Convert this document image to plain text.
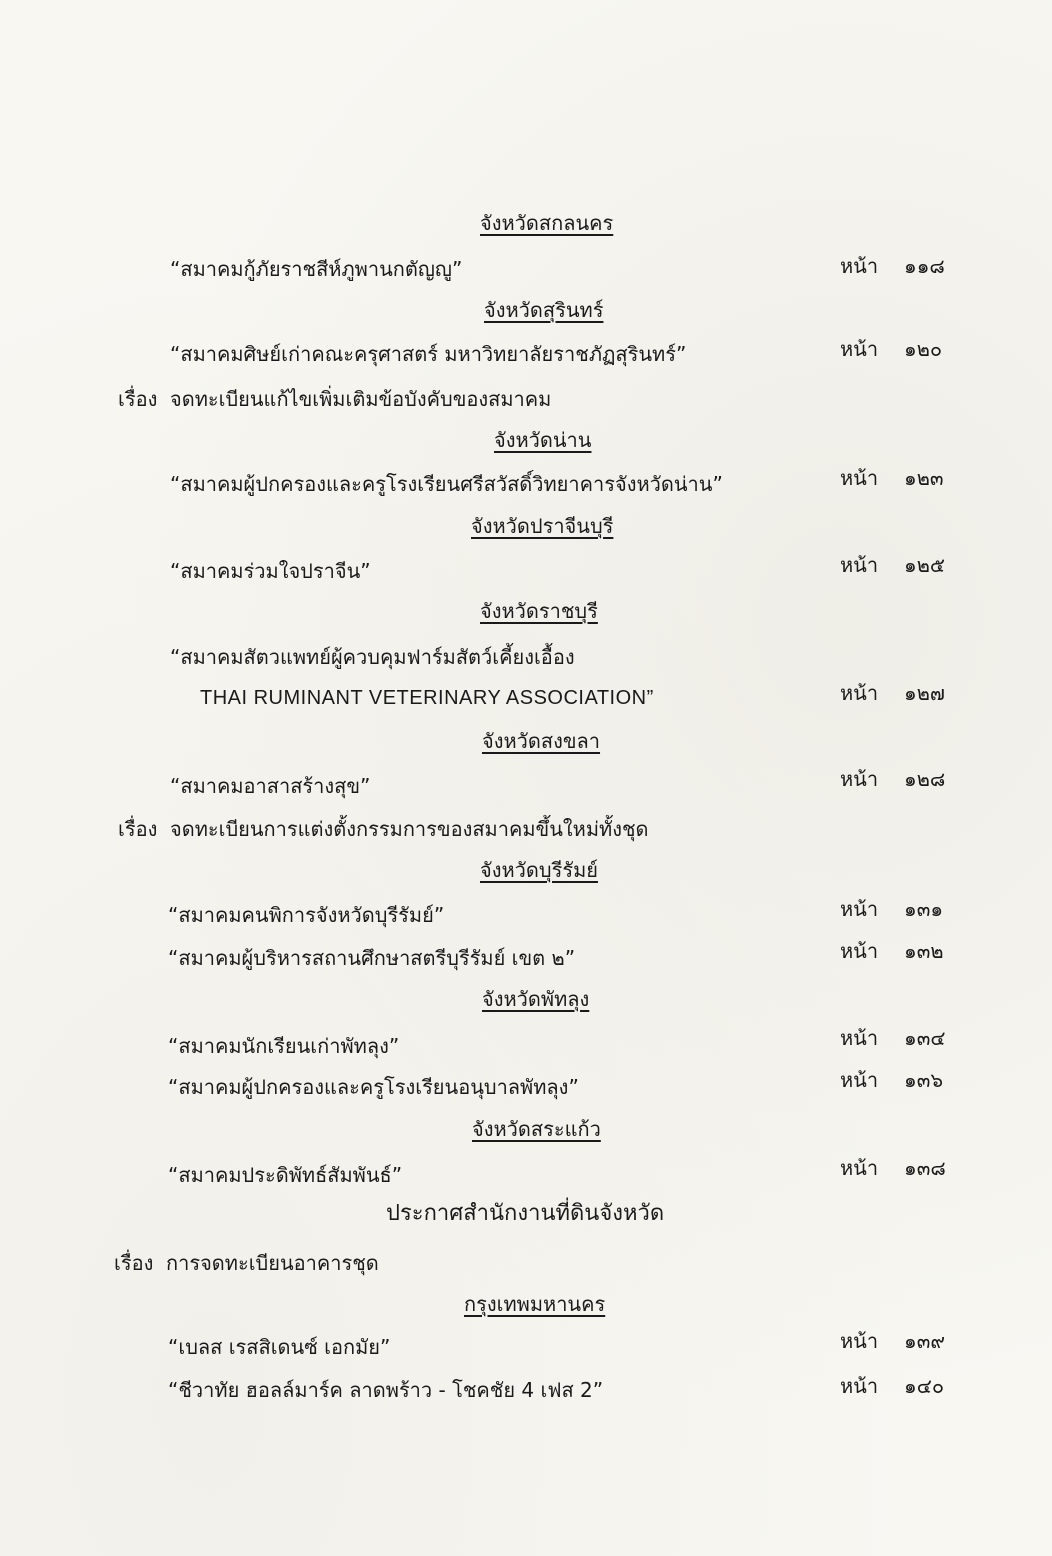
จังหวัดสกลนคร
“สมาคมกู้ภัยราชสีห์ภูพานกตัญญู”	หน้า ๑๑๘
จังหวัดสุรินทร์
“สมาคมศิษย์เก่าคณะครุศาสตร์ มหาวิทยาลัยราชภัฏสุรินทร์”	หน้า ๑๒๐
เรื่อง จดทะเบียนแก้ไขเพิ่มเติมข้อบังคับของสมาคม
จังหวัดน่าน
“สมาคมผู้ปกครองและครูโรงเรียนศรีสวัสดิ์วิทยาคารจังหวัดน่าน”	หน้า ๑๒๓
จังหวัดปราจีนบุรี
“สมาคมร่วมใจปราจีน”	หน้า ๑๒๕
จังหวัดราชบุรี
“สมาคมสัตวแพทย์ผู้ควบคุมฟาร์มสัตว์เคี้ยงเอื้อง
THAI RUMINANT VETERINARY ASSOCIATION”	หน้า ๑๒๗
จังหวัดสงขลา
“สมาคมอาสาสร้างสุข”	หน้า ๑๒๘
เรื่อง จดทะเบียนการแต่งตั้งกรรมการของสมาคมขึ้นใหม่ทั้งชุด
จังหวัดบุรีรัมย์
“สมาคมคนพิการจังหวัดบุรีรัมย์”	หน้า ๑๓๑
“สมาคมผู้บริหารสถานศึกษาสตรีบุรีรัมย์ เขต ๒”	หน้า ๑๓๒
จังหวัดพัทลุง
“สมาคมนักเรียนเก่าพัทลุง”	หน้า ๑๓๔
“สมาคมผู้ปกครองและครูโรงเรียนอนุบาลพัทลุง”	หน้า ๑๓๖
จังหวัดสระแก้ว
“สมาคมประดิพัทธ์สัมพันธ์”	หน้า ๑๓๘
ประกาศสำนักงานที่ดินจังหวัด
เรื่อง การจดทะเบียนอาคารชุด
กรุงเทพมหานคร
“เบลส เรสสิเดนซ์ เอกมัย”	หน้า ๑๓๙
“ชีวาทัย ฮอลล์มาร์ค ลาดพร้าว - โชคชัย 4 เฟส 2”	หน้า ๑๔๐
